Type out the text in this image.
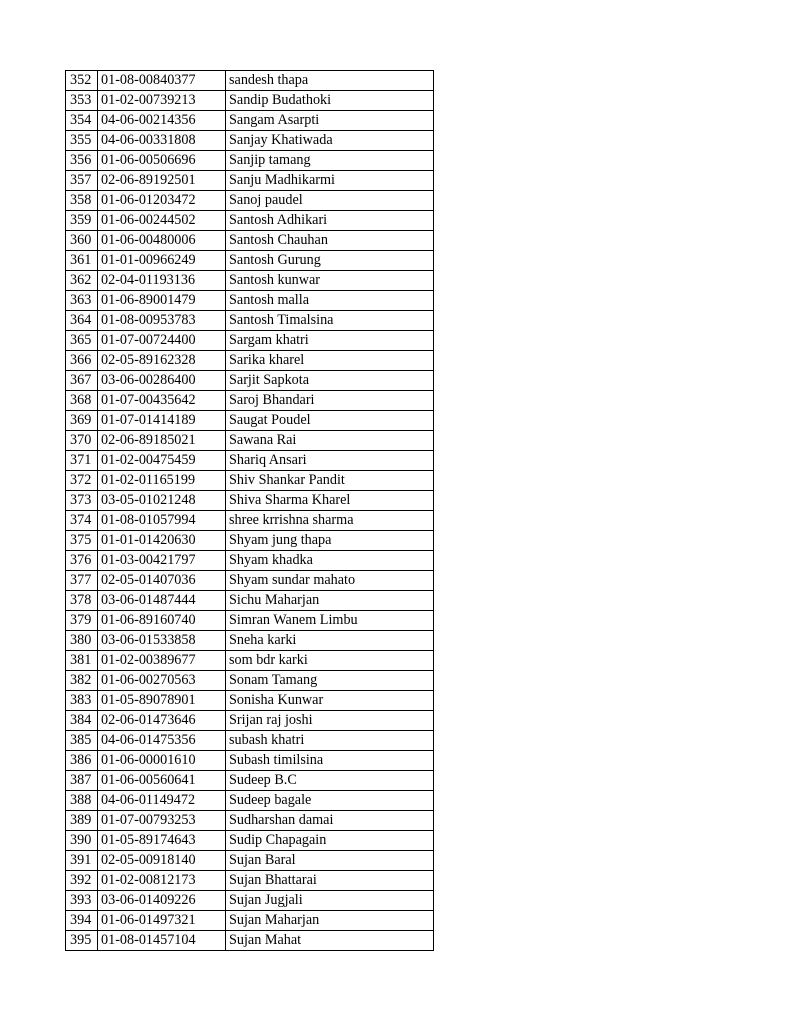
352	01-08-00840377	sandesh thapa
353	01-02-00739213	Sandip Budathoki
354	04-06-00214356	Sangam Asarpti
355	04-06-00331808	Sanjay Khatiwada
356	01-06-00506696	Sanjip tamang
357	02-06-89192501	Sanju Madhikarmi
358	01-06-01203472	Sanoj paudel
359	01-06-00244502	Santosh Adhikari
360	01-06-00480006	Santosh Chauhan
361	01-01-00966249	Santosh Gurung
362	02-04-01193136	Santosh kunwar
363	01-06-89001479	Santosh malla
364	01-08-00953783	Santosh Timalsina
365	01-07-00724400	Sargam khatri
366	02-05-89162328	Sarika kharel
367	03-06-00286400	Sarjit Sapkota
368	01-07-00435642	Saroj Bhandari
369	01-07-01414189	Saugat Poudel
370	02-06-89185021	Sawana Rai
371	01-02-00475459	Shariq Ansari
372	01-02-01165199	Shiv Shankar Pandit
373	03-05-01021248	Shiva Sharma Kharel
374	01-08-01057994	shree krrishna sharma
375	01-01-01420630	Shyam jung thapa
376	01-03-00421797	Shyam khadka
377	02-05-01407036	Shyam sundar mahato
378	03-06-01487444	Sichu Maharjan
379	01-06-89160740	Simran Wanem Limbu
380	03-06-01533858	Sneha karki
381	01-02-00389677	som bdr karki
382	01-06-00270563	Sonam Tamang
383	01-05-89078901	Sonisha Kunwar
384	02-06-01473646	Srijan raj joshi
385	04-06-01475356	subash khatri
386	01-06-00001610	Subash timilsina
387	01-06-00560641	Sudeep B.C
388	04-06-01149472	Sudeep bagale
389	01-07-00793253	Sudharshan damai
390	01-05-89174643	Sudip Chapagain
391	02-05-00918140	Sujan Baral
392	01-02-00812173	Sujan Bhattarai
393	03-06-01409226	Sujan Jugjali
394	01-06-01497321	Sujan Maharjan
395	01-08-01457104	Sujan Mahat
